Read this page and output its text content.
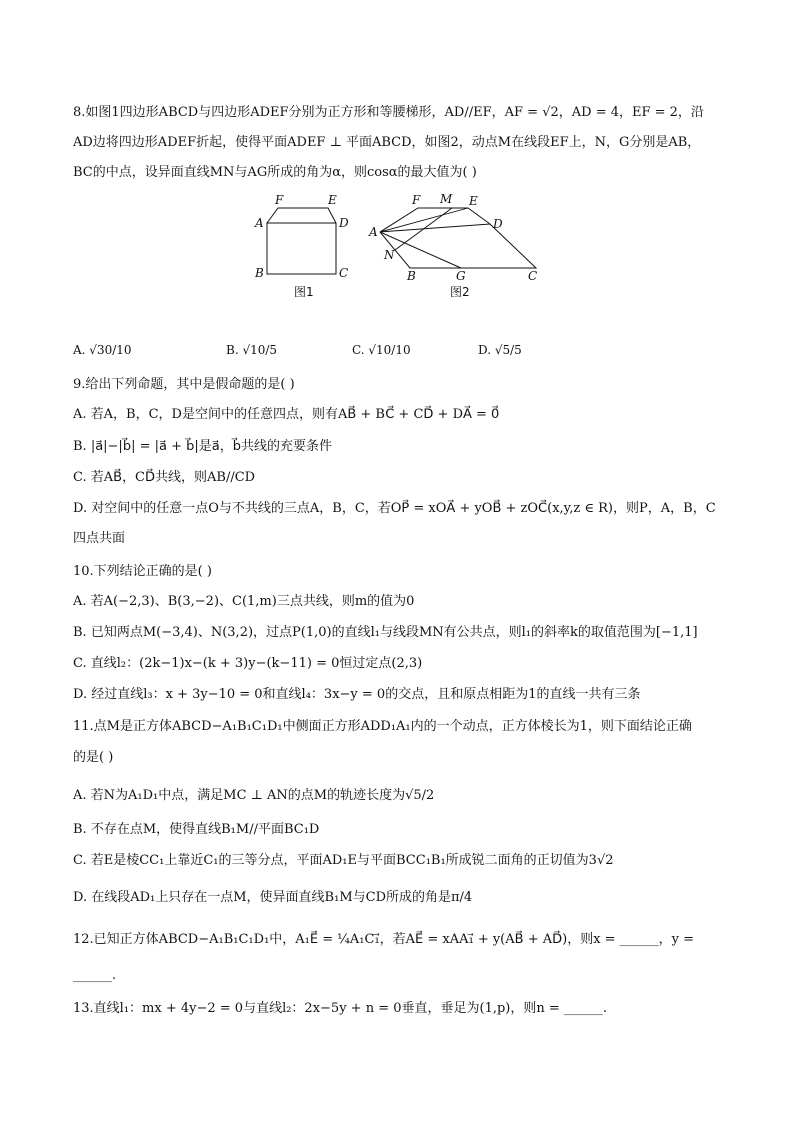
8.如图1四边形ABCD与四边形ADEF分别为正方形和等腰梯形，AD//EF，AF = √2，AD = 4，EF = 2，沿
AD边将四边形ADEF折起，使得平面ADEF ⊥ 平面ABCD，如图2，动点M在线段EF上，N，G分别是AB，
BC的中点，设异面直线MN与AG所成的角为α，则cosα的最大值为( )
F	E
A	D
B	C
图1
F M E
D
A
N
B	G	C
图2
A. √30/10	B. √10/5	C. √10/10	D. √5/5
9.给出下列命题，其中是假命题的是( )
A. 若A，B，C，D是空间中的任意四点，则有AB⃗ + BC⃗ + CD⃗ + DA⃗ = 0⃗
B. |a⃗|−|b⃗| = |a⃗ + b⃗|是a⃗，b⃗共线的充要条件
C. 若AB⃗，CD⃗共线，则AB//CD
D. 对空间中的任意一点O与不共线的三点A，B，C，若OP⃗ = xOA⃗ + yOB⃗ + zOC⃗(x,y,z ∈ R)，则P，A，B，C
四点共面
10.下列结论正确的是( )
A. 若A(−2,3)、B(3,−2)、C(1,m)三点共线，则m的值为0
B. 已知两点M(−3,4)、N(3,2)，过点P(1,0)的直线l₁与线段MN有公共点，则l₁的斜率k的取值范围为[−1,1]
C. 直线l₂：(2k−1)x−(k + 3)y−(k−11) = 0恒过定点(2,3)
D. 经过直线l₃：x + 3y−10 = 0和直线l₄：3x−y = 0的交点，且和原点相距为1的直线一共有三条
11.点M是正方体ABCD−A₁B₁C₁D₁中侧面正方形ADD₁A₁内的一个动点，正方体棱长为1，则下面结论正确
的是( )
A. 若N为A₁D₁中点，满足MC ⊥ AN的点M的轨迹长度为√5/2
B. 不存在点M，使得直线B₁M//平面BC₁D
C. 若E是棱CC₁上靠近C₁的三等分点，平面AD₁E与平面BCC₁B₁所成锐二面角的正切值为3√2
D. 在线段AD₁上只存在一点M，使异面直线B₁M与CD所成的角是π/4
12.已知正方体ABCD−A₁B₁C₁D₁中，A₁E⃗ = ¼A₁C₁⃗，若AE⃗ = xAA₁⃗ + y(AB⃗ + AD⃗)，则x = ______，y =
______.
13.直线l₁：mx + 4y−2 = 0与直线l₂：2x−5y + n = 0垂直，垂足为(1,p)，则n = ______.
